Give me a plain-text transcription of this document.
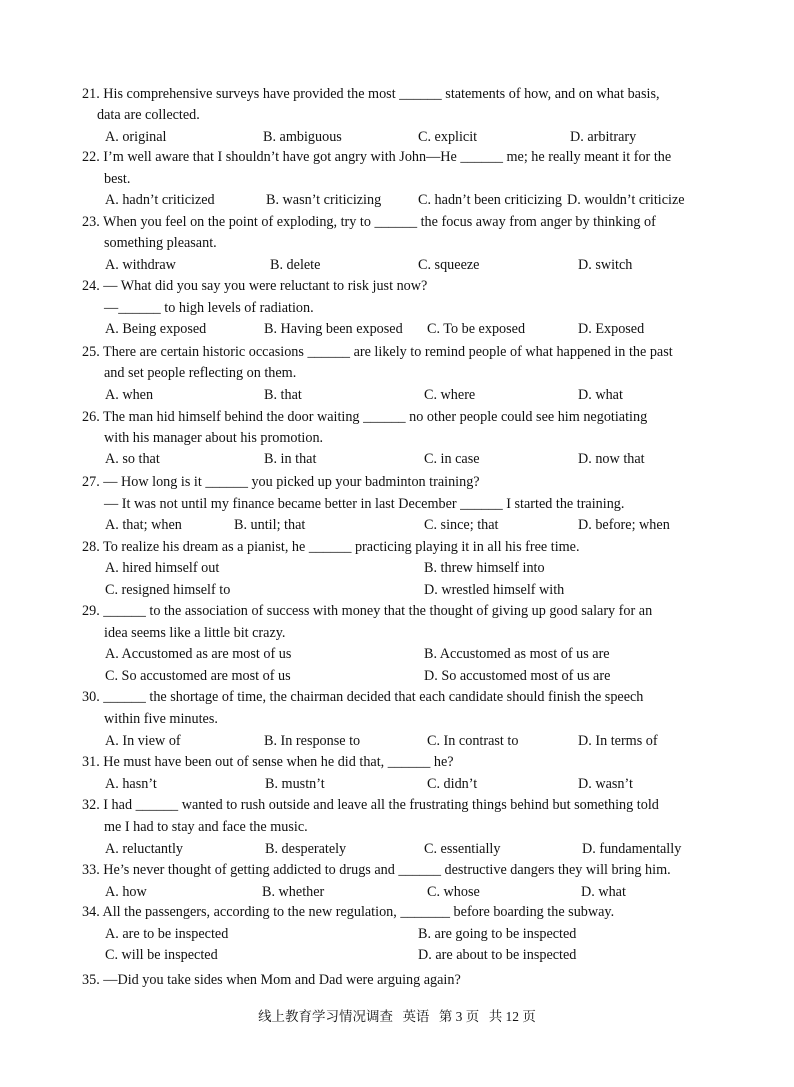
21. His comprehensive surveys have provided the most ______ statements of how, and on what basis,
data are collected.
A. original	B. ambiguous	C. explicit	D. arbitrary
22. I’m well aware that I shouldn’t have got angry with John—He ______ me; he really meant it for the
best.
A. hadn’t criticized	B. wasn’t criticizing	C. hadn’t been criticizing D. wouldn’t criticize
23. When you feel on the point of exploding, try to ______ the focus away from anger by thinking of
something pleasant.
A. withdraw	B. delete	C. squeeze	D. switch
24. — What did you say you were reluctant to risk just now?
—______ to high levels of radiation.
A. Being exposed	B. Having been exposed C. To be exposed	D. Exposed
25. There are certain historic occasions ______ are likely to remind people of what happened in the past
and set people reflecting on them.
A. when	B. that	C. where	D. what
26. The man hid himself behind the door waiting ______ no other people could see him negotiating
with his manager about his promotion.
A. so that	B. in that	C. in case	D. now that
27. — How long is it ______ you picked up your badminton training?
— It was not until my finance became better in last December ______ I started the training.
A. that; when	B. until; that	C. since; that	D. before; when
28. To realize his dream as a pianist, he ______ practicing playing it in all his free time.
A. hired himself out	B. threw himself into
C. resigned himself to	D. wrestled himself with
29. ______ to the association of success with money that the thought of giving up good salary for an
idea seems like a little bit crazy.
A. Accustomed as are most of us	B. Accustomed as most of us are
C. So accustomed are most of us	D. So accustomed most of us are
30. ______ the shortage of time, the chairman decided that each candidate should finish the speech
within five minutes.
A. In view of	B. In response to	C. In contrast to	D. In terms of
31. He must have been out of sense when he did that, ______ he?
A. hasn’t	B. mustn’t	C. didn’t	D. wasn’t
32. I had ______ wanted to rush outside and leave all the frustrating things behind but something told
me I had to stay and face the music.
A. reluctantly	B. desperately	C. essentially	D. fundamentally
33. He’s never thought of getting addicted to drugs and ______ destructive dangers they will bring him.
A. how	B. whether	C. whose	D. what
34. All the passengers, according to the new regulation, _______ before boarding the subway.
A. are to be inspected	B. are going to be inspected
C. will be inspected	D. are about to be inspected
35. —Did you take sides when Mom and Dad were arguing again?
线上教育学习情况调查 英语 第 3 页 共 12 页
